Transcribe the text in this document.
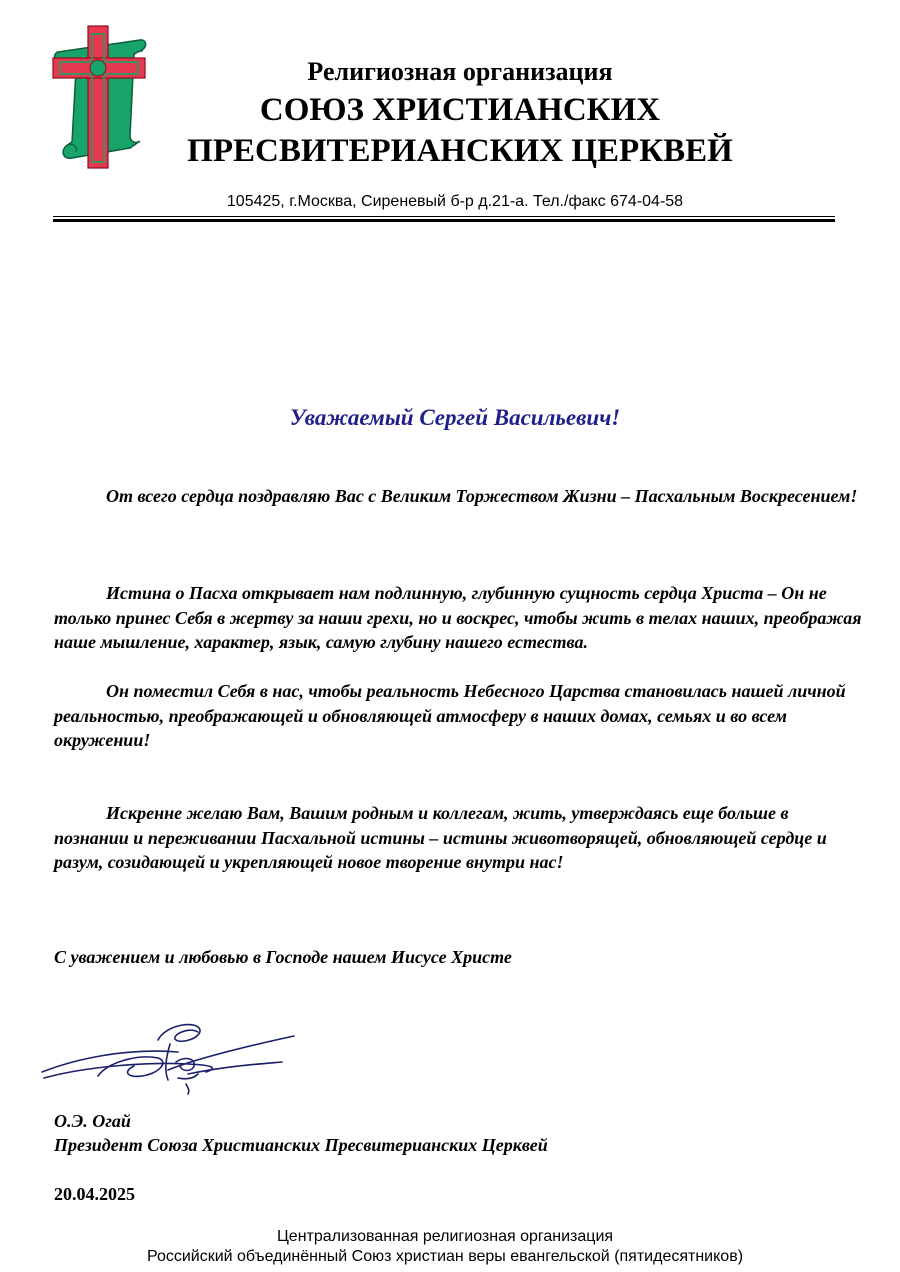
Религиозная организация

СОЮЗ ХРИСТИАНСКИХ

ПРЕСВИТЕРИАНСКИХ ЦЕРКВЕЙ

105425, г.Москва, Сиреневый б-р д.21-а. Тел./факс 674-04-58

Уважаемый Сергей Васильевич!

От всего сердца поздравляю Вас с Великим Торжеством Жизни – Пасхальным Воскресением!

Истина о Пасха открывает нам подлинную, глубинную сущность сердца Христа – Он не только принес Себя в жертву за наши грехи, но и воскрес, чтобы жить в телах наших, преображая наше мышление, характер, язык, самую глубину нашего естества.

Он поместил Себя в нас, чтобы реальность Небесного Царства становилась нашей личной реальностью, преображающей и обновляющей атмосферу в наших домах, семьях и во всем окружении!

Искренне желаю Вам, Вашим родным и коллегам, жить, утверждаясь еще больше в познании и переживании Пасхальной истины – истины животворящей, обновляющей сердце и разум, созидающей и укрепляющей новое творение внутри нас!

С уважением и любовью в Господе нашем Иисусе Христе

О.Э. Огай

Президент Союза Христианских Пресвитерианских Церквей

20.04.2025

Централизованная религиозная организация

Российский объединённый Союз христиан веры евангельской (пятидесятников)
